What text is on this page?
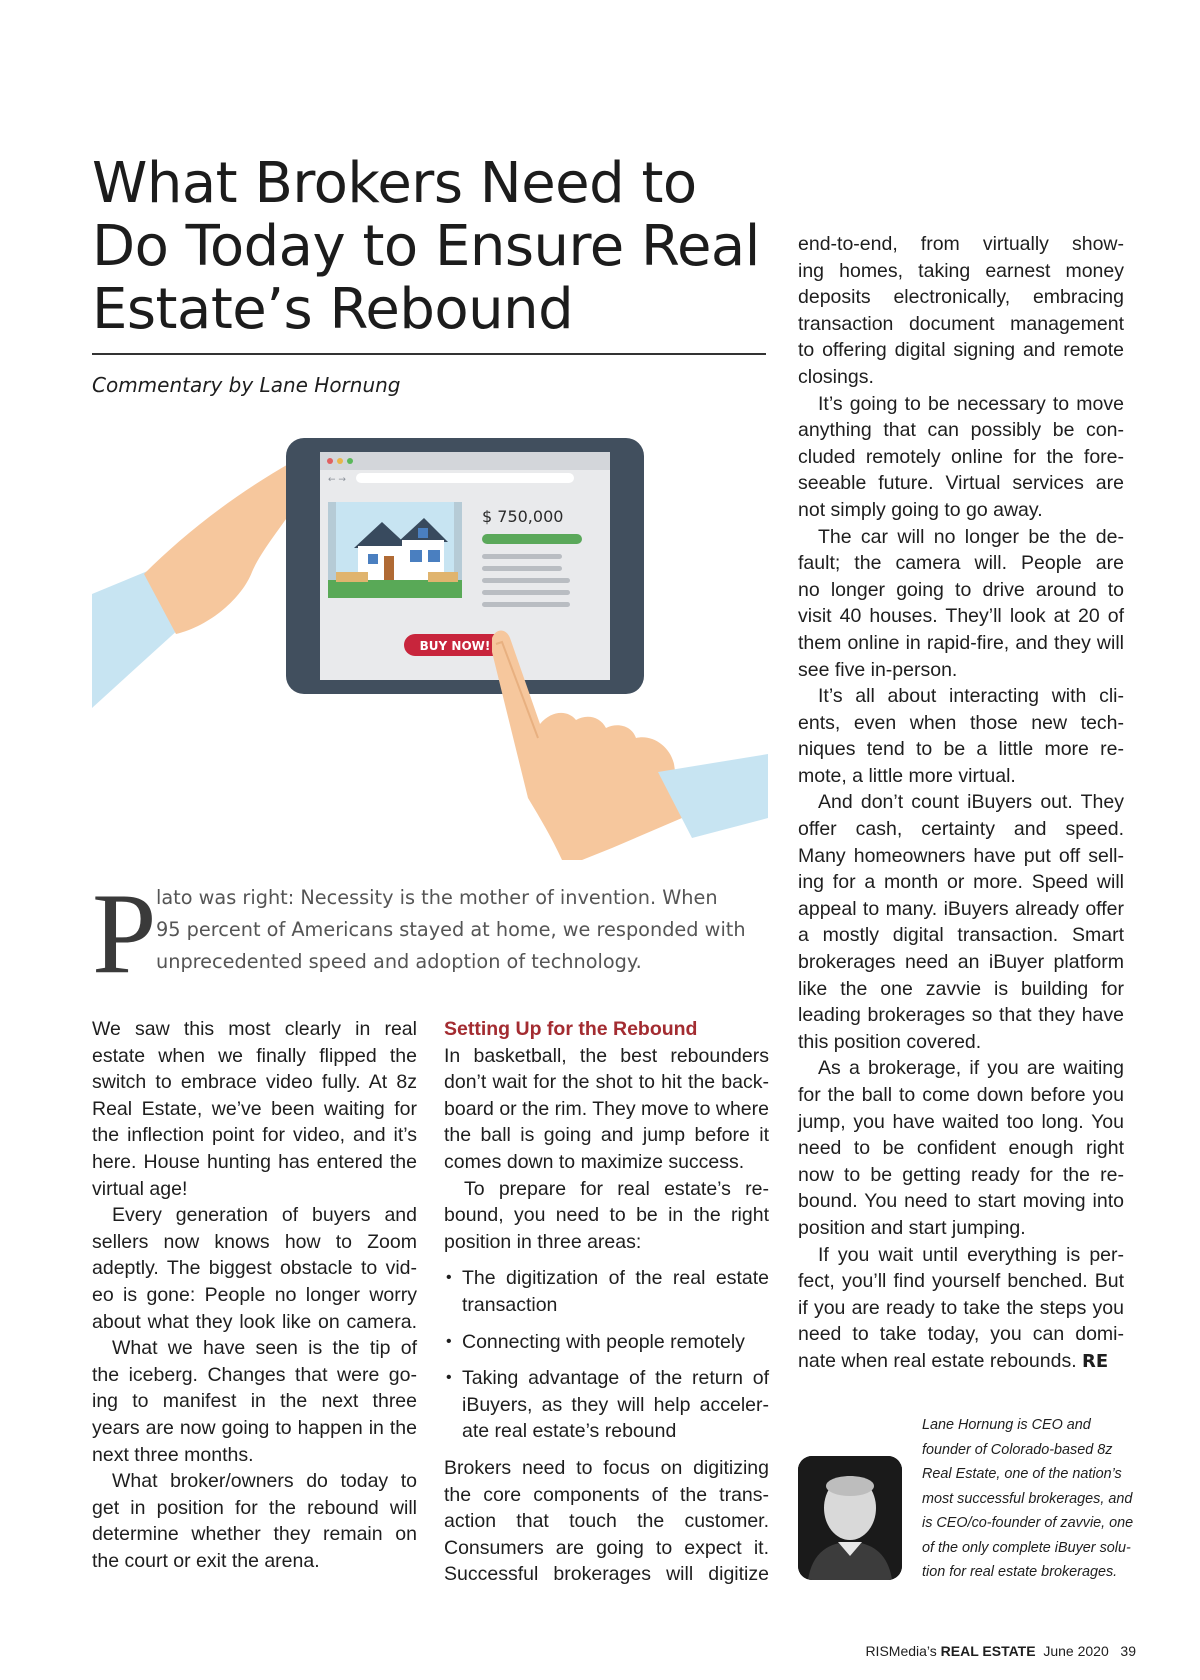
What Brokers Need to
Do Today to Ensure Real
Estate’s Rebound
Commentary by Lane Hornung
← →
$ 750,000
BUY NOW!
P lato was right: Necessity is the mother of invention. When
95 percent of Americans stayed at home, we responded with
unprecedented speed and adoption of technology.
We saw this most clearly in real
estate when we finally flipped the
switch to embrace video fully. At 8z
Real Estate, we’ve been waiting for
the inflection point for video, and it’s
here. House hunting has entered the
virtual age!
Every generation of buyers and
sellers now knows how to Zoom
adeptly. The biggest obstacle to vid-
eo is gone: People no longer worry
about what they look like on camera.
What we have seen is the tip of
the iceberg. Changes that were go-
ing to manifest in the next three
years are now going to happen in the
next three months.
What broker/owners do today to
get in position for the rebound will
determine whether they remain on
the court or exit the arena.
Setting Up for the Rebound
In basketball, the best rebounders
don’t wait for the shot to hit the back-
board or the rim. They move to where
the ball is going and jump before it
comes down to maximize success.
To prepare for real estate’s re-
bound, you need to be in the right
position in three areas:
• The digitization of the real estate
transaction
• Connecting with people remotely
• Taking advantage of the return of
iBuyers, as they will help acceler-
ate real estate’s rebound
Brokers need to focus on digitizing
the core components of the trans-
action that touch the customer.
Consumers are going to expect it.
Successful brokerages will digitize
end-to-end, from virtually show-
ing homes, taking earnest money
deposits electronically, embracing
transaction document management
to offering digital signing and remote
closings.
It’s going to be necessary to move
anything that can possibly be con-
cluded remotely online for the fore-
seeable future. Virtual services are
not simply going to go away.
The car will no longer be the de-
fault; the camera will. People are
no longer going to drive around to
visit 40 houses. They’ll look at 20 of
them online in rapid-fire, and they will
see five in-person.
It’s all about interacting with cli-
ents, even when those new tech-
niques tend to be a little more re-
mote, a little more virtual.
And don’t count iBuyers out. They
offer cash, certainty and speed.
Many homeowners have put off sell-
ing for a month or more. Speed will
appeal to many. iBuyers already offer
a mostly digital transaction. Smart
brokerages need an iBuyer platform
like the one zavvie is building for
leading brokerages so that they have
this position covered.
As a brokerage, if you are waiting
for the ball to come down before you
jump, you have waited too long. You
need to be confident enough right
now to be getting ready for the re-
bound. You need to start moving into
position and start jumping.
If you wait until everything is per-
fect, you’ll find yourself benched. But
if you are ready to take the steps you
need to take today, you can domi-
nate when real estate rebounds. RE
Lane Hornung is CEO and
founder of Colorado-based 8z
Real Estate, one of the nation’s
most successful brokerages, and
is CEO/co-founder of zavvie, one
of the only complete iBuyer solu-
tion for real estate brokerages.
RISMedia’s REAL ESTATE June 2020 39
